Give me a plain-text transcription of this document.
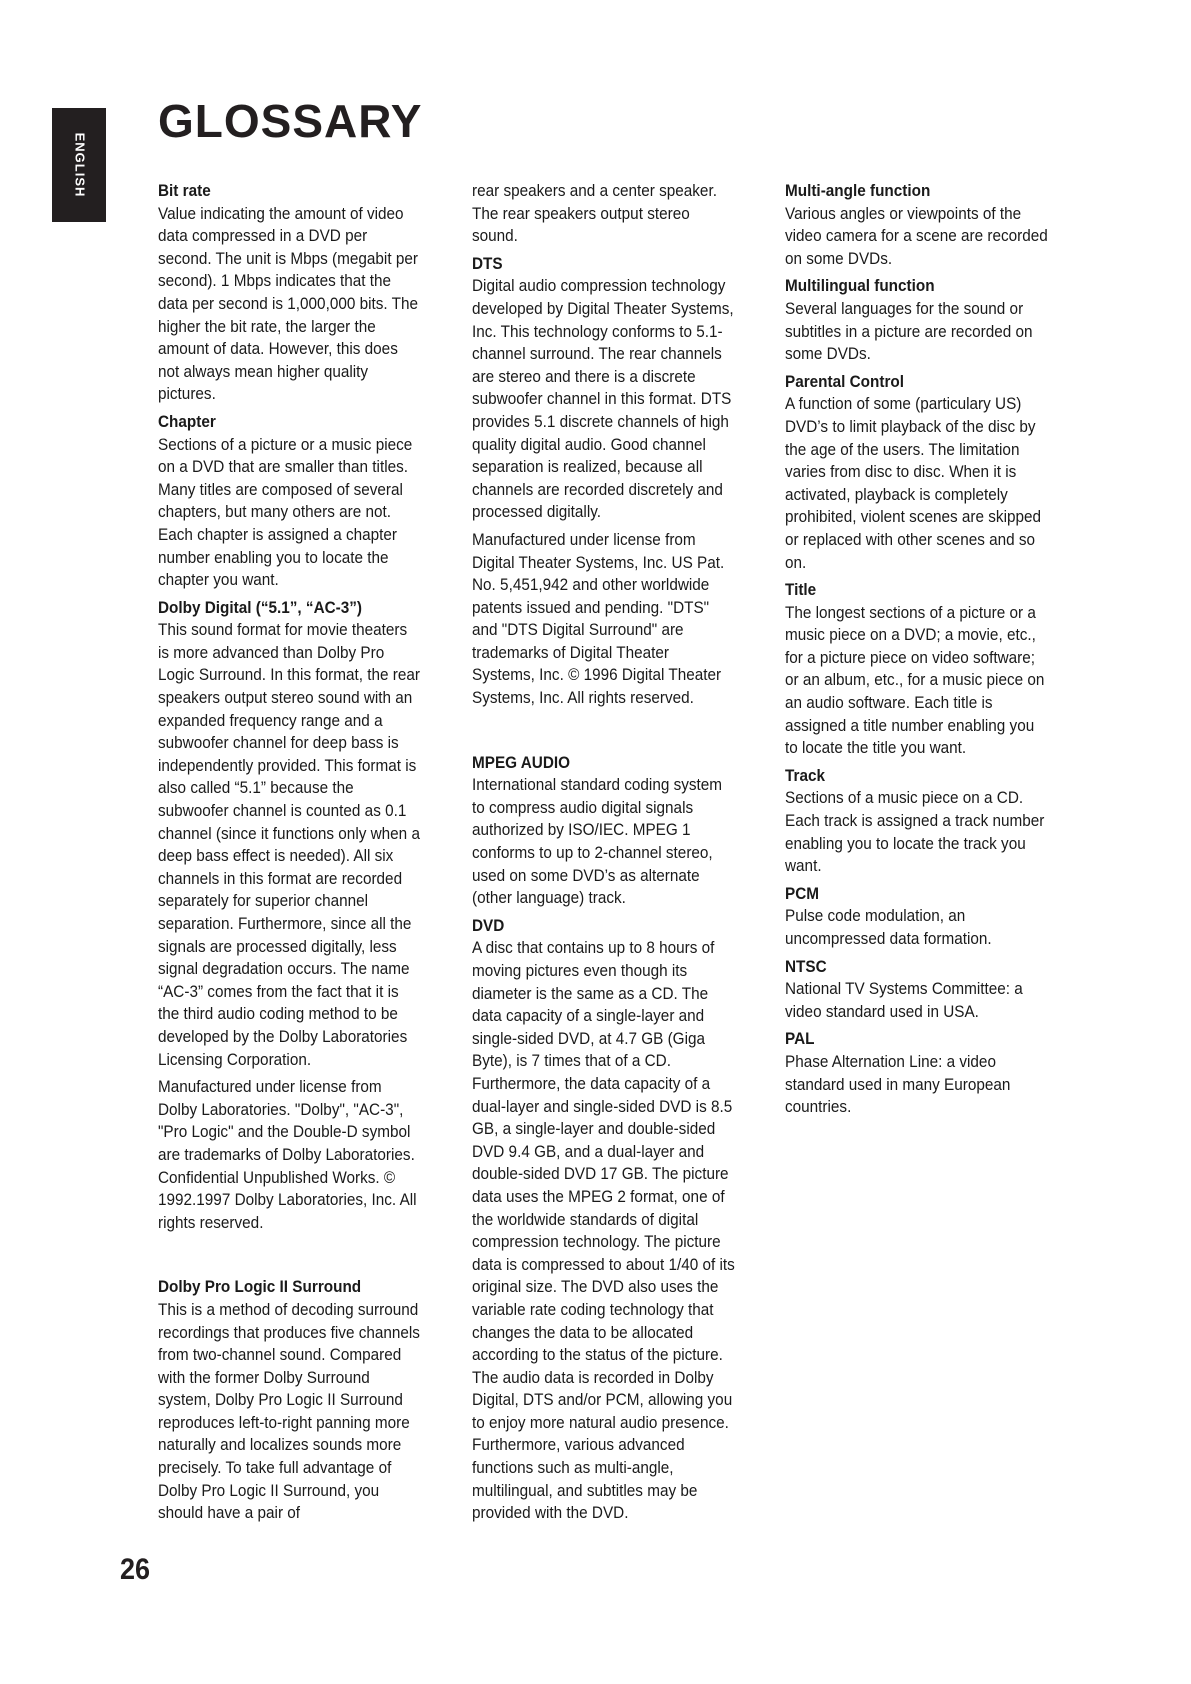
ENGLISH
GLOSSARY
Bit rate

Value indicating the amount of video data compressed in a DVD per second. The unit is Mbps (megabit per second). 1 Mbps indicates that the data per second is 1,000,000 bits. The higher the bit rate, the larger the amount of data. However, this does not always mean higher quality pictures.

Chapter

Sections of a picture or a music piece on a DVD that are smaller than titles. Many titles are composed of several chapters, but many others are not. Each chapter is assigned a chapter number enabling you to locate the chapter you want.

Dolby Digital (“5.1”, “AC-3”)

This sound format for movie theaters is more advanced than Dolby Pro Logic Surround. In this format, the rear speakers output stereo sound with an expanded frequency range and a subwoofer channel for deep bass is independently provided. This format is also called “5.1” because the subwoofer channel is counted as 0.1 channel (since it functions only when a deep bass effect is needed). All six channels in this format are recorded separately for superior channel separation. Furthermore, since all the signals are processed digitally, less signal degradation occurs. The name “AC-3” comes from the fact that it is the third audio coding method to be developed by the Dolby Laboratories Licensing Corporation.

Manufactured under license from Dolby Laboratories. "Dolby", "AC-3", "Pro Logic" and the Double-D symbol are trademarks of Dolby Laboratories. Confidential Unpublished Works. © 1992.1997 Dolby Laboratories, Inc. All rights reserved.

Dolby Pro Logic II Surround

This is a method of decoding surround recordings that produces five channels from two-channel sound. Compared with the former Dolby Surround system, Dolby Pro Logic II Surround reproduces left-to-right panning more naturally and localizes sounds more precisely. To take full advantage of Dolby Pro Logic II Surround, you should have a pair of

rear speakers and a center speaker. The rear speakers output stereo sound.

DTS

Digital audio compression technology developed by Digital Theater Systems, Inc. This technology conforms to 5.1-channel surround. The rear channels are stereo and there is a discrete subwoofer channel in this format. DTS provides 5.1 discrete channels of high quality digital audio. Good channel separation is realized, because all channels are recorded discretely and processed digitally.

Manufactured under license from Digital Theater Systems, Inc. US Pat. No. 5,451,942 and other worldwide patents issued and pending. "DTS" and "DTS Digital Surround" are trademarks of Digital Theater Systems, Inc. © 1996 Digital Theater Systems, Inc. All rights reserved.

MPEG AUDIO

International standard coding system to compress audio digital signals authorized by ISO/IEC. MPEG 1 conforms to up to 2-channel stereo, used on some DVD’s as alternate (other language) track.

DVD

A disc that contains up to 8 hours of moving pictures even though its diameter is the same as a CD. The data capacity of a single-layer and single-sided DVD, at 4.7 GB (Giga Byte), is 7 times that of a CD. Furthermore, the data capacity of a dual-layer and single-sided DVD is 8.5 GB, a single-layer and double-sided DVD 9.4 GB, and a dual-layer and double-sided DVD 17 GB. The picture data uses the MPEG 2 format, one of the worldwide standards of digital compression technology. The picture data is compressed to about 1/40 of its original size. The DVD also uses the variable rate coding technology that changes the data to be allocated according to the status of the picture. The audio data is recorded in Dolby Digital, DTS and/or PCM, allowing you to enjoy more natural audio presence. Furthermore, various advanced functions such as multi-angle, multilingual, and subtitles may be provided with the DVD.

Multi-angle function

Various angles or viewpoints of the video camera for a scene are recorded on some DVDs.

Multilingual function

Several languages for the sound or subtitles in a picture are recorded on some DVDs.

Parental Control

A function of some (particulary US) DVD’s to limit playback of the disc by the age of the users. The limitation varies from disc to disc. When it is activated, playback is completely prohibited, violent scenes are skipped or replaced with other scenes and so on.

Title

The longest sections of a picture or a music piece on a DVD; a movie, etc., for a picture piece on video software; or an album, etc., for a music piece on an audio software. Each title is assigned a title number enabling you to locate the title you want.

Track

Sections of a music piece on a CD. Each track is assigned a track number enabling you to locate the track you want.

PCM

Pulse code modulation, an uncompressed data formation.

NTSC

National TV Systems Committee: a video standard used in USA.

PAL

Phase Alternation Line: a video standard used in many European countries.

26
